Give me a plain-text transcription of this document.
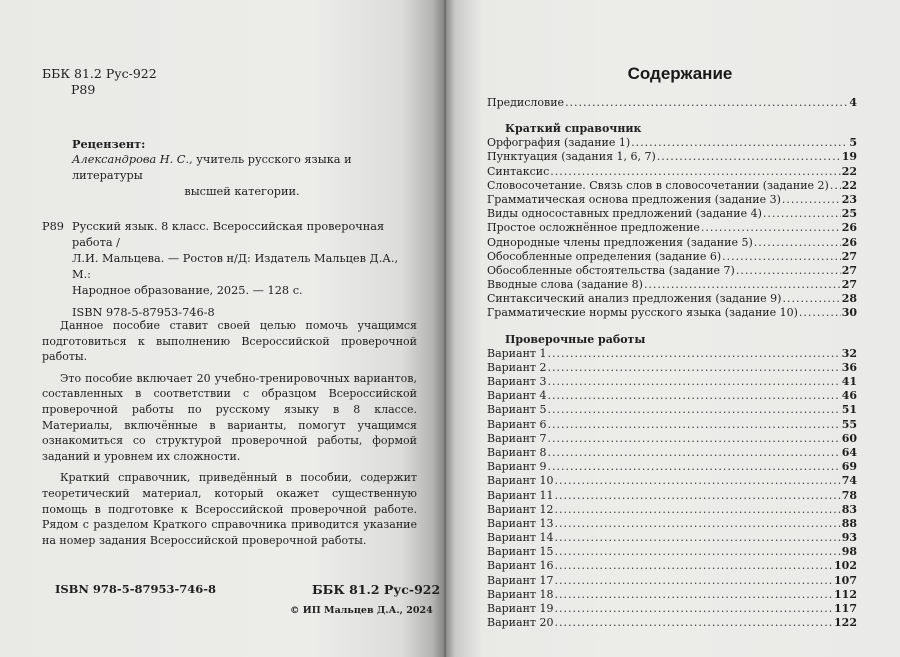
ББК 81.2 Рус-922
Р89
Рецензент:
Александрова Н. С., учитель русского языка и литературы
высшей категории.
Р89 Русский язык. 8 класс. Всероссийская проверочная работа /
Л.И. Мальцева. — Ростов н/Д: Издатель Мальцев Д.А., М.:
Народное образование, 2025. — 128 с.
ISBN 978-5-87953-746-8

Данное пособие ставит своей целью помочь учащимся подготовиться к выполнению Всероссийской проверочной работы.

Это пособие включает 20 учебно-тренировочных вариантов, составленных в соответствии с образцом Всероссийской проверочной работы по русскому языку в 8 классе. Материалы, включённые в варианты, помогут учащимся ознакомиться со структурой проверочной работы, формой заданий и уровнем их сложности.

Краткий справочник, приведённый в пособии, содержит теоретический материал, который окажет существенную помощь в подготовке к Всероссийской проверочной работе. Рядом с разделом Краткого справочника приводится указание на номер задания Всероссийской проверочной работы.

ISBN 978-5-87953-746-8	ББК 81.2 Рус-922
© ИП Мальцев Д.А., 2024
Содержание
Предисловие .....	4
Краткий справочник
Орфография (задание 1) .....	5
Пунктуация (задания 1, 6, 7) .....	19
Синтаксис .....	22
Словосочетание. Связь слов в словосочетании (задание 2) ..... 22
Грамматическая основа предложения (задание 3) .....	23
Виды односоставных предложений (задание 4) .....	25
Простое осложнённое предложение .....	26
Однородные члены предложения (задание 5) .....	26
Обособленные определения (задание 6) .....	27
Обособленные обстоятельства (задание 7) .....	27
Вводные слова (задание 8) .....	27
Синтаксический анализ предложения (задание 9) .....	28
Грамматические нормы русского языка (задание 10) .....	30
Проверочные работы
Вариант 1 .....	32
Вариант 2 .....	36
Вариант 3 .....	41
Вариант 4 .....	46
Вариант 5 .....	51
Вариант 6 .....	55
Вариант 7 .....	60
Вариант 8 .....	64
Вариант 9 .....	69
Вариант 10 .....	74
Вариант 11 .....	78
Вариант 12 .....	83
Вариант 13 .....	88
Вариант 14 .....	93
Вариант 15 .....	98
Вариант 16 .....	102
Вариант 17 .....	107
Вариант 18 .....	112
Вариант 19 .....	117
Вариант 20 .....	122
